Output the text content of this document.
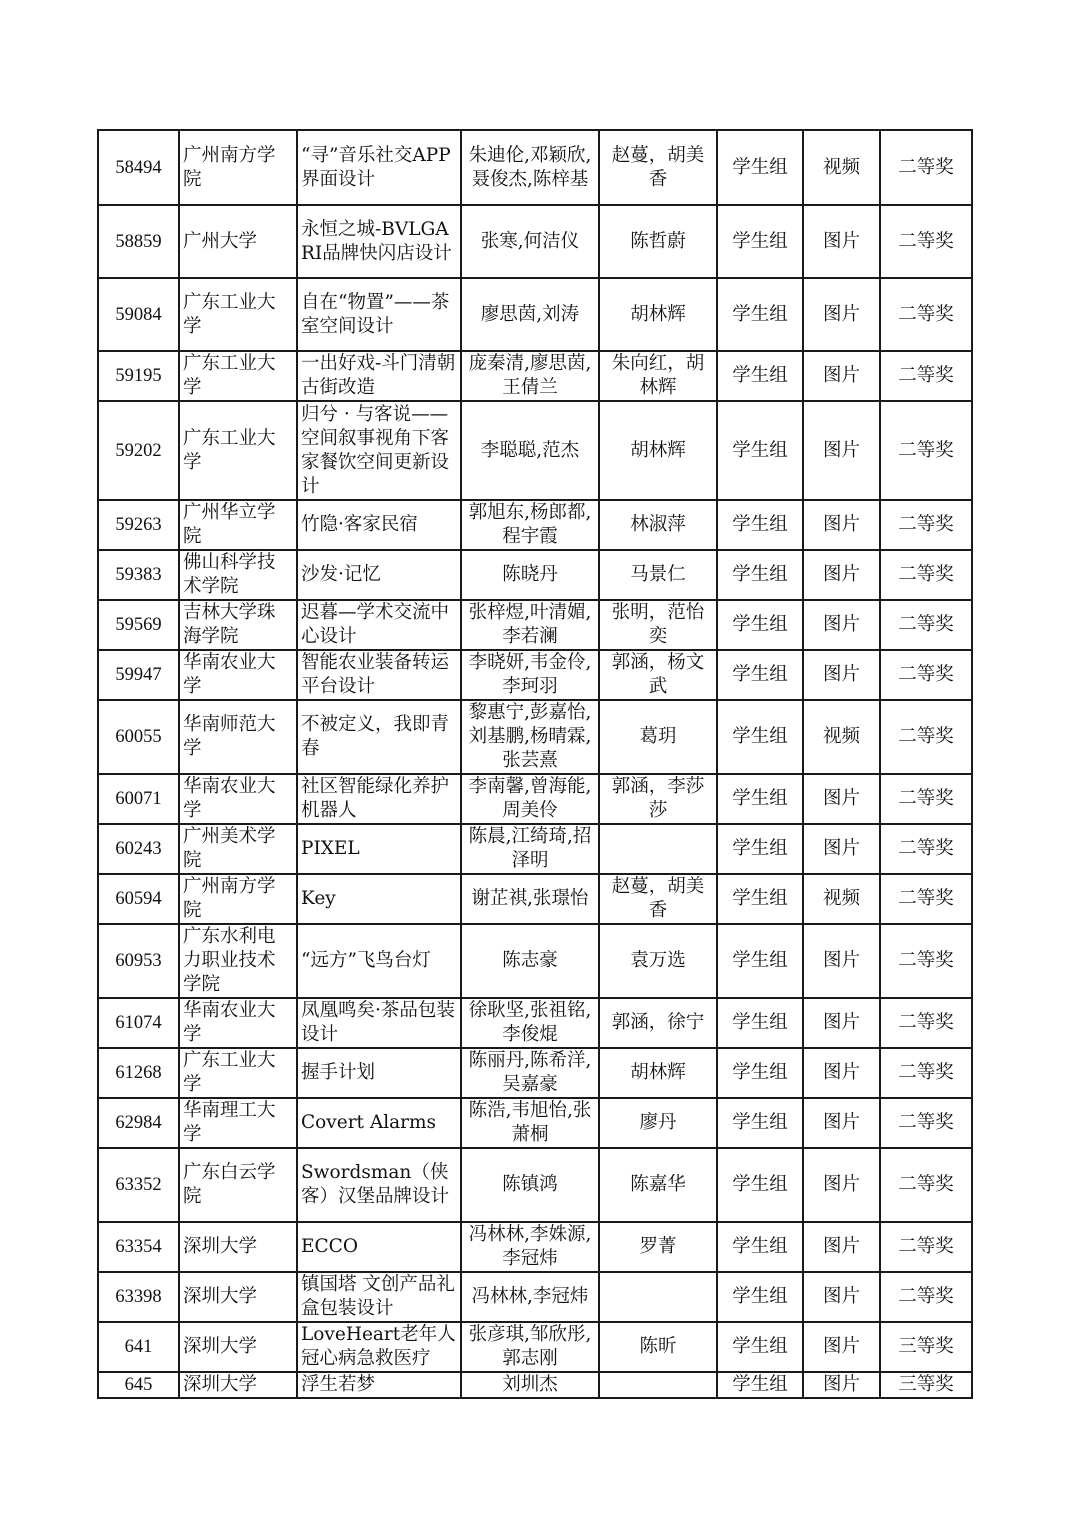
58494	广州南方学院	“寻”音乐社交APP 界面设计	朱迪伦,邓颖欣,聂俊杰,陈梓基	赵蔓，胡美香	学生组	视频	二等奖
58859	广州大学	永恒之城-BVLGARI品牌快闪店设计	张寒,何洁仪	陈哲蔚	学生组	图片	二等奖
59084	广东工业大学	自在“物置”——茶室空间设计	廖思茵,刘涛	胡林辉	学生组	图片	二等奖
59195	广东工业大学	一出好戏-斗门清朝古街改造	庞秦清,廖思茵,王倩兰	朱向红，胡林辉	学生组	图片	二等奖
59202	广东工业大学	归兮 · 与客说——空间叙事视角下客家餐饮空间更新设计	李聪聪,范杰	胡林辉	学生组	图片	二等奖
59263	广州华立学院	竹隐·客家民宿	郭旭东,杨郎都,程宇霞	林淑萍	学生组	图片	二等奖
59383	佛山科学技术学院	沙发·记忆	陈晓丹	马景仁	学生组	图片	二等奖
59569	吉林大学珠海学院	迟暮—学术交流中心设计	张梓煜,叶清媚,李若澜	张明，范怡奕	学生组	图片	二等奖
59947	华南农业大学	智能农业装备转运平台设计	李晓妍,韦金伶,李珂羽	郭涵，杨文武	学生组	图片	二等奖
60055	华南师范大学	不被定义，我即青春	黎惠宁,彭嘉怡,刘基鹏,杨晴霖,张芸熹	葛玥	学生组	视频	二等奖
60071	华南农业大学	社区智能绿化养护机器人	李南馨,曾海能,周美伶	郭涵，李莎莎	学生组	图片	二等奖
60243	广州美术学院	PIXEL	陈晨,江绮琦,招泽明		学生组	图片	二等奖
60594	广州南方学院	Key	谢芷祺,张璟怡	赵蔓，胡美香	学生组	视频	二等奖
60953	广东水利电力职业技术学院	“远方”飞鸟台灯	陈志豪	袁万选	学生组	图片	二等奖
61074	华南农业大学	凤凰鸣矣·茶品包装设计	徐耿坚,张祖铭,李俊焜	郭涵，徐宁	学生组	图片	二等奖
61268	广东工业大学	握手计划	陈丽丹,陈希洋,吴嘉豪	胡林辉	学生组	图片	二等奖
62984	华南理工大学	Covert Alarms	陈浩,韦旭怡,张萧桐	廖丹	学生组	图片	二等奖
63352	广东白云学院	Swordsman（侠客）汉堡品牌设计	陈镇鸿	陈嘉华	学生组	图片	二等奖
63354	深圳大学	ECCO	冯林林,李姝源,李冠炜	罗菁	学生组	图片	二等奖
63398	深圳大学	镇国塔 文创产品礼盒包装设计	冯林林,李冠炜		学生组	图片	二等奖
641	深圳大学	LoveHeart老年人冠心病急救医疗	张彦琪,邹欣彤,郭志刚	陈昕	学生组	图片	三等奖
645	深圳大学	浮生若梦	刘圳杰		学生组	图片	三等奖
